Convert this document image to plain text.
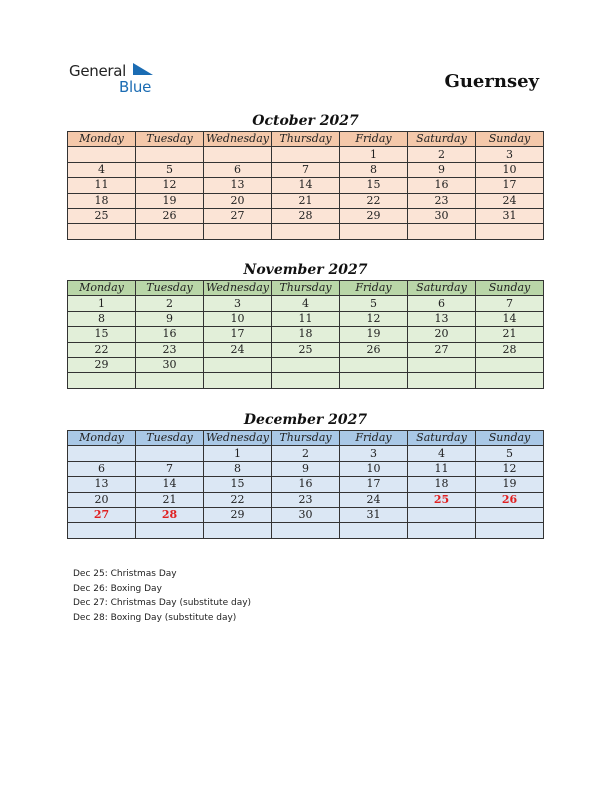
General
Blue	Guernsey
October 2027
Monday	Tuesday	Wednesday	Thursday	Friday	Saturday	Sunday
				1	2	3
4	5	6	7	8	9	10
11	12	13	14	15	16	17
18	19	20	21	22	23	24
25	26	27	28	29	30	31

November 2027
Monday	Tuesday	Wednesday	Thursday	Friday	Saturday	Sunday
1	2	3	4	5	6	7
8	9	10	11	12	13	14
15	16	17	18	19	20	21
22	23	24	25	26	27	28
29	30					

December 2027
Monday	Tuesday	Wednesday	Thursday	Friday	Saturday	Sunday
		1	2	3	4	5
6	7	8	9	10	11	12
13	14	15	16	17	18	19
20	21	22	23	24	25	26
27	28	29	30	31		

Dec 25: Christmas Day
Dec 26: Boxing Day
Dec 27: Christmas Day (substitute day)
Dec 28: Boxing Day (substitute day)
